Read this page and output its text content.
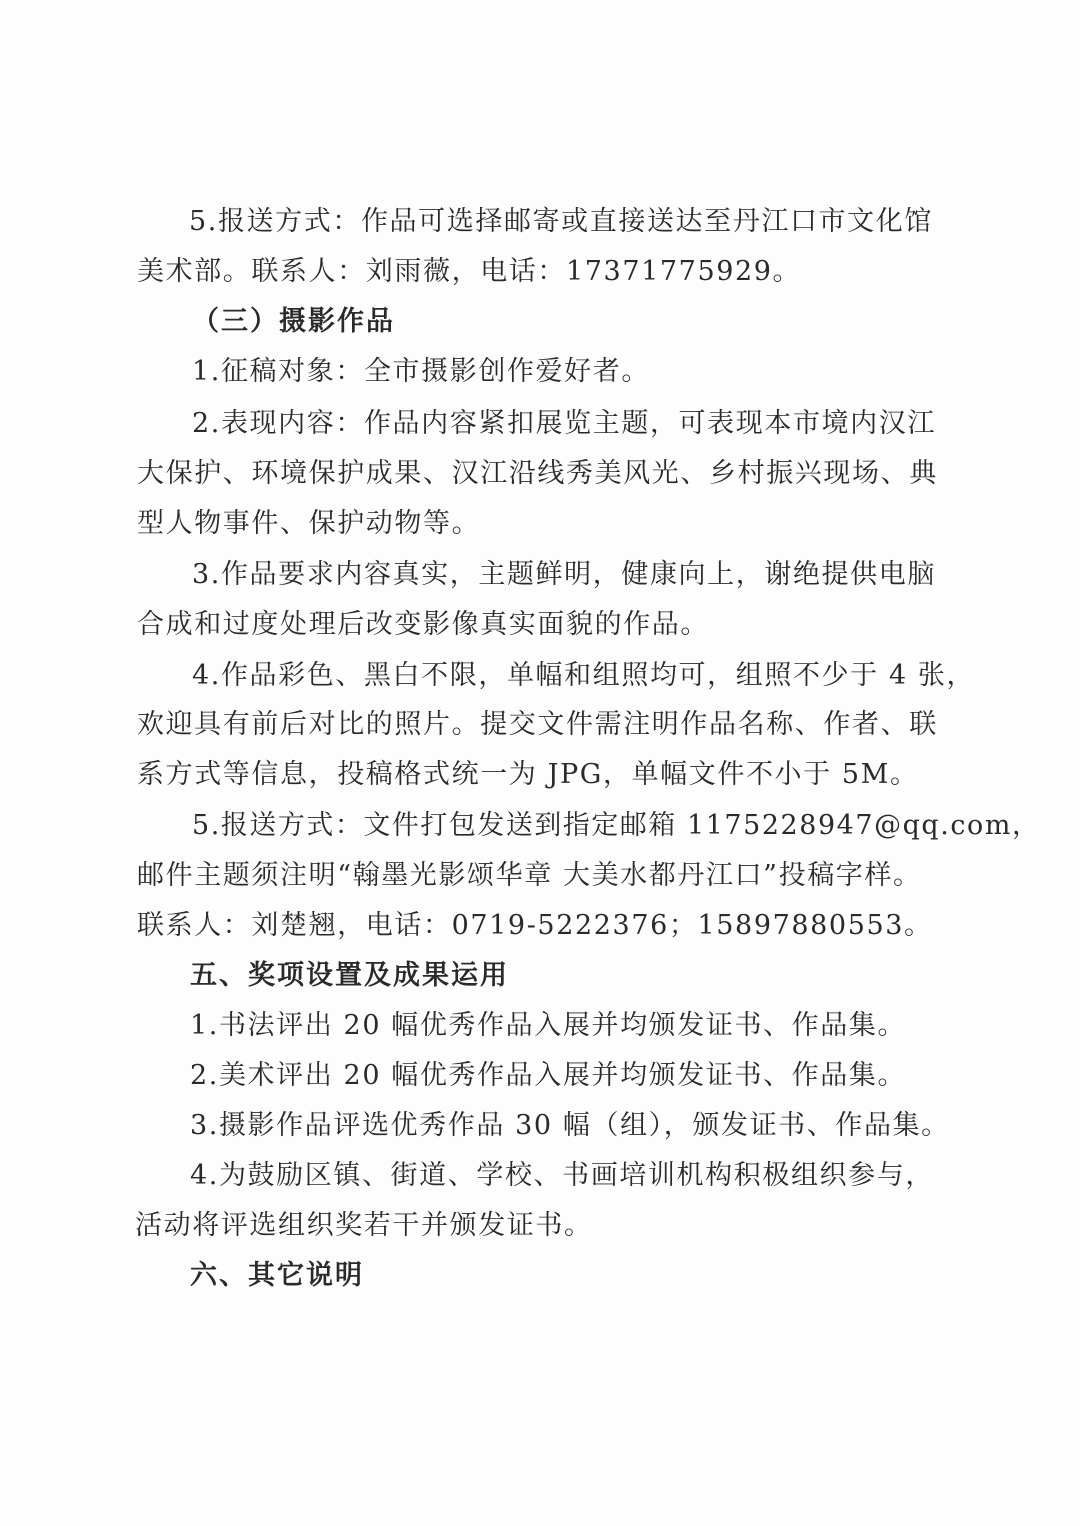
5.报送方式：作品可选择邮寄或直接送达至丹江口市文化馆
美术部。联系人：刘雨薇，电话：17371775929。
（三）摄影作品
1.征稿对象：全市摄影创作爱好者。
2.表现内容：作品内容紧扣展览主题，可表现本市境内汉江
大保护、环境保护成果、汉江沿线秀美风光、乡村振兴现场、典
型人物事件、保护动物等。
3.作品要求内容真实，主题鲜明，健康向上，谢绝提供电脑
合成和过度处理后改变影像真实面貌的作品。
4.作品彩色、黑白不限，单幅和组照均可，组照不少于 4 张，
欢迎具有前后对比的照片。提交文件需注明作品名称、作者、联
系方式等信息，投稿格式统一为 JPG，单幅文件不小于 5M。
5.报送方式：文件打包发送到指定邮箱 1175228947@qq.com，
邮件主题须注明“翰墨光影颂华章 大美水都丹江口”投稿字样。
联系人：刘楚翘，电话：0719-5222376；15897880553。
五、奖项设置及成果运用
1.书法评出 20 幅优秀作品入展并均颁发证书、作品集。
2.美术评出 20 幅优秀作品入展并均颁发证书、作品集。
3.摄影作品评选优秀作品 30 幅（组），颁发证书、作品集。
4.为鼓励区镇、街道、学校、书画培训机构积极组织参与，
活动将评选组织奖若干并颁发证书。
六、其它说明
